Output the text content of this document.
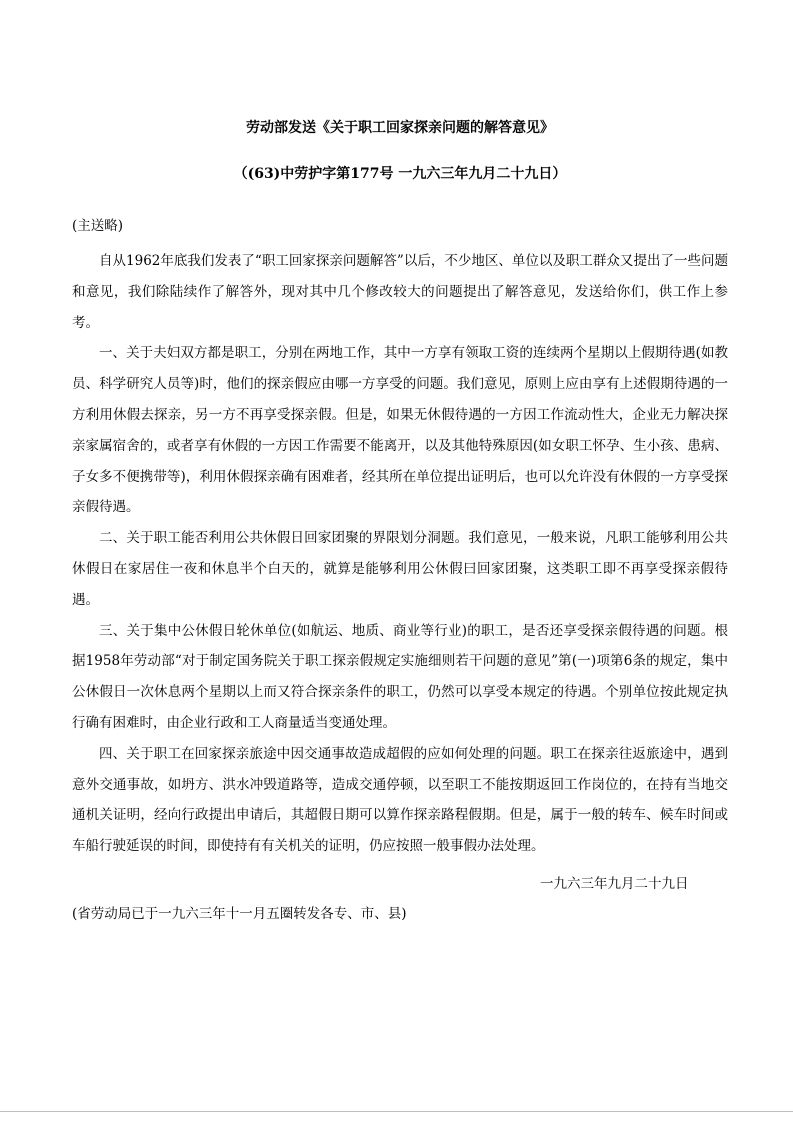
劳动部发送《关于职工回家探亲问题的解答意见》
（(63)中劳护字第177号 一九六三年九月二十九日）
(主送略)

自从1962年底我们发表了“职工回家探亲问题解答”以后，不少地区、单位以及职工群众又提出了一些问题和意见，我们除陆续作了解答外，现对其中几个修改较大的问题提出了解答意见，发送给你们，供工作上参考。

一、关于夫妇双方都是职工，分别在两地工作，其中一方享有领取工资的连续两个星期以上假期待遇(如教员、科学研究人员等)时，他们的探亲假应由哪一方享受的问题。我们意见，原则上应由享有上述假期待遇的一方利用休假去探亲，另一方不再享受探亲假。但是，如果无休假待遇的一方因工作流动性大，企业无力解决探亲家属宿舍的，或者享有休假的一方因工作需要不能离开，以及其他特殊原因(如女职工怀孕、生小孩、患病、子女多不便携带等)，利用休假探亲确有困难者，经其所在单位提出证明后，也可以允许没有休假的一方享受探亲假待遇。

二、关于职工能否利用公共休假日回家团聚的界限划分洞题。我们意见，一般来说，凡职工能够利用公共休假日在家居住一夜和休息半个白天的，就算是能够利用公休假曰回家团聚，这类职工即不再享受探亲假待遇。

三、关于集中公休假日轮休单位(如航运、地质、商业等行业)的职工，是否还享受探亲假待遇的问题。根据1958年劳动部“对于制定国务院关于职工探亲假规定实施细则若干问题的意见”第(一)项第6条的规定，集中公休假日一次休息两个星期以上而又符合探亲条件的职工，仍然可以享受本规定的待遇。个别单位按此规定执行确有困难时，由企业行政和工人商量适当变通处理。

四、关于职工在回家探亲旅途中因交通事故造成超假的应如何处理的问题。职工在探亲往返旅途中，遇到意外交通事故，如坍方、洪水冲毁道路等，造成交通停顿，以至职工不能按期返回工作岗位的，在持有当地交通机关证明，经向行政提出申请后，其超假日期可以算作探亲路程假期。但是，属于一般的转车、候车时间或车船行驶延误的时间，即使持有有关机关的证明，仍应按照一般事假办法处理。

一九六三年九月二十九日
(省劳动局已于一九六三年十一月五圈转发各专、市、县)
